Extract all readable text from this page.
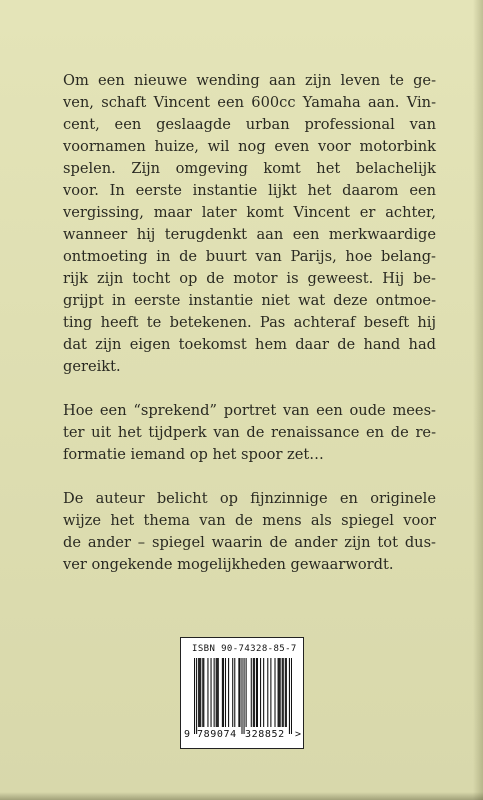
Om een nieuwe wending aan zijn leven te ge-
ven, schaft Vincent een 600cc Yamaha aan. Vin-
cent, een geslaagde urban professional van
voornamen huize, wil nog even voor motorbink
spelen. Zijn omgeving komt het belachelijk
voor. In eerste instantie lijkt het daarom een
vergissing, maar later komt Vincent er achter,
wanneer hij terugdenkt aan een merkwaardige
ontmoeting in de buurt van Parijs, hoe belang-
rijk zijn tocht op de motor is geweest. Hij be-
grijpt in eerste instantie niet wat deze ontmoe-
ting heeft te betekenen. Pas achteraf beseft hij
dat zijn eigen toekomst hem daar de hand had
gereikt.
Hoe een “sprekend” portret van een oude mees-
ter uit het tijdperk van de renaissance en de re-
formatie iemand op het spoor zet…
De auteur belicht op fijnzinnige en originele
wijze het thema van de mens als spiegel voor
de ander – spiegel waarin de ander zijn tot dus-
ver ongekende mogelijkheden gewaarwordt.
ISBN 90-74328-85-7
9 789074 328852 >
